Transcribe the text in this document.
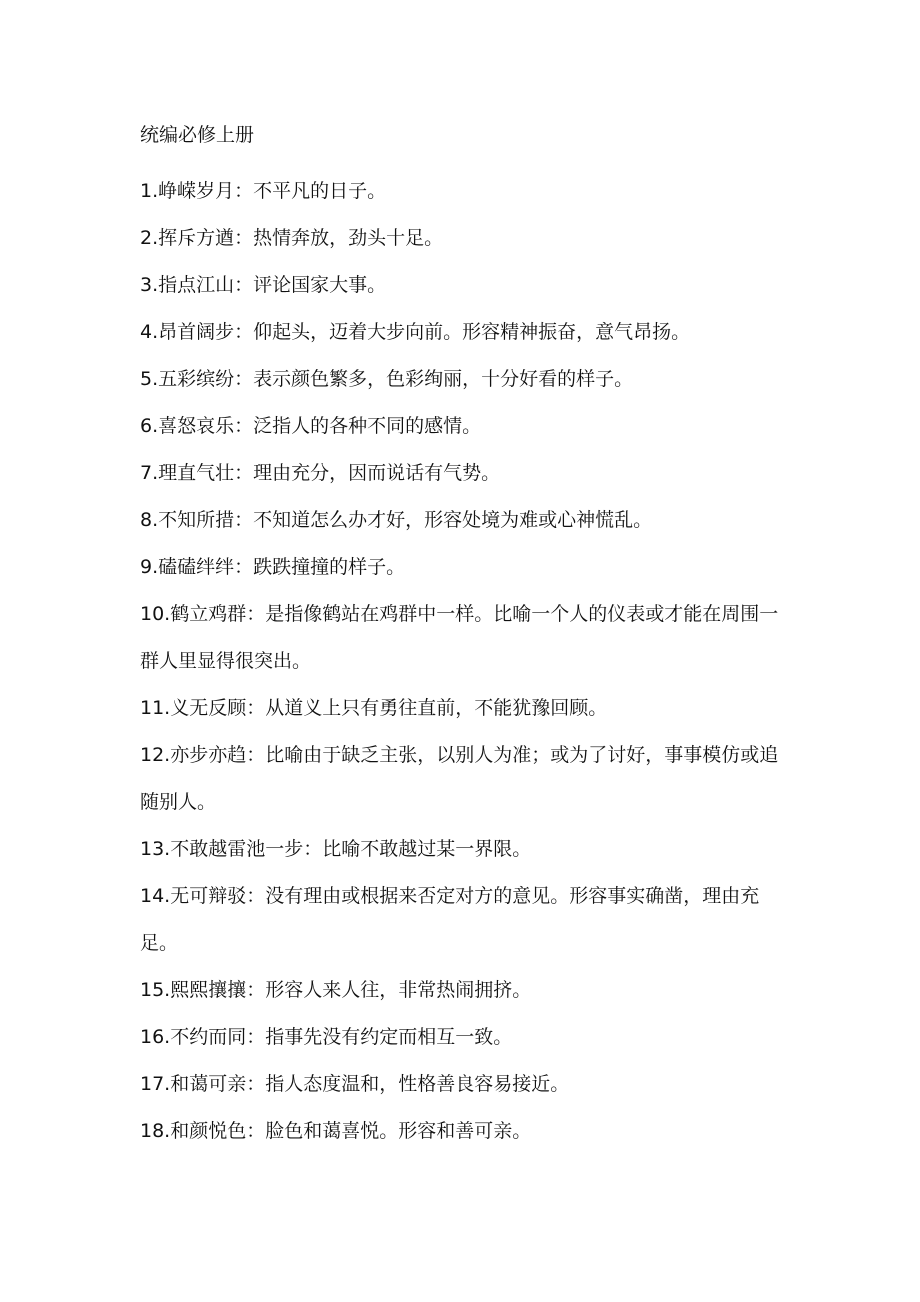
统编必修上册
1.峥嵘岁月：不平凡的日子。
2.挥斥方遒：热情奔放，劲头十足。
3.指点江山：评论国家大事。
4.昂首阔步：仰起头，迈着大步向前。形容精神振奋，意气昂扬。
5.五彩缤纷：表示颜色繁多，色彩绚丽，十分好看的样子。
6.喜怒哀乐：泛指人的各种不同的感情。
7.理直气壮：理由充分，因而说话有气势。
8.不知所措：不知道怎么办才好，形容处境为难或心神慌乱。
9.磕磕绊绊：跌跌撞撞的样子。
10.鹤立鸡群：是指像鹤站在鸡群中一样。比喻一个人的仪表或才能在周围一群人里显得很突出。
11.义无反顾：从道义上只有勇往直前，不能犹豫回顾。
12.亦步亦趋：比喻由于缺乏主张，以别人为准；或为了讨好，事事模仿或追随别人。
13.不敢越雷池一步：比喻不敢越过某一界限。
14.无可辩驳：没有理由或根据来否定对方的意见。形容事实确凿，理由充足。
15.熙熙攘攘：形容人来人往，非常热闹拥挤。
16.不约而同：指事先没有约定而相互一致。
17.和蔼可亲：指人态度温和，性格善良容易接近。
18.和颜悦色：脸色和蔼喜悦。形容和善可亲。
